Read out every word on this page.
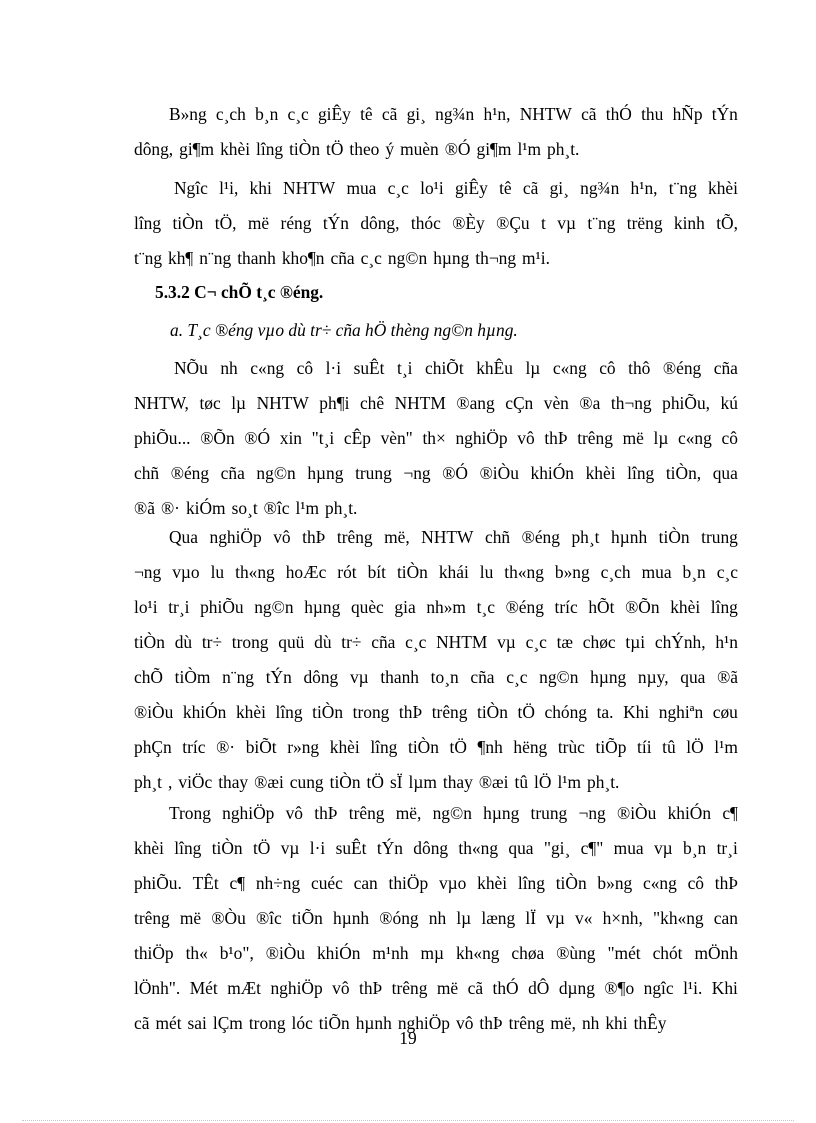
B»ng c¸ch b¸n c¸c giÊy tê cã gi¸ ng¾n h¹n, NHTW cã thÓ thu hÑp tÝn
dông, gi¶m khèi lîng tiÒn tÖ theo ý muèn ®Ó gi¶m l¹m ph¸t.
Ngîc l¹i, khi NHTW mua c¸c lo¹i giÊy tê cã gi¸ ng¾n h¹n, t¨ng khèi
lîng tiÒn tÖ, më réng tÝn dông, thóc ®Èy ®Çu t vµ t¨ng trëng kinh tÕ,
t¨ng kh¶ n¨ng thanh kho¶n cña c¸c ng©n hµng th¬ng m¹i.

5.3.2 C¬ chÕ t¸c ®éng.

a. T¸c ®éng vµo dù tr÷ cña hÖ thèng ng©n hµng.

NÕu nh c«ng cô l·i suÊt t¸i chiÕt khÊu lµ c«ng cô thô ®éng cña
NHTW, tøc lµ NHTW ph¶i chê NHTM ®ang cÇn vèn ®a th¬ng phiÕu, kú
phiÕu... ®Õn ®Ó xin "t¸i cÊp vèn" th× nghiÖp vô thÞ trêng më lµ c«ng cô
chñ ®éng cña ng©n hµng trung ¬ng ®Ó ®iÒu khiÓn khèi lîng tiÒn, qua
®ã ®· kiÓm so¸t ®îc l¹m ph¸t.
Qua nghiÖp vô thÞ trêng më, NHTW chñ ®éng ph¸t hµnh tiÒn trung
¬ng vµo lu th«ng hoÆc rót bít tiÒn khái lu th«ng b»ng c¸ch mua b¸n c¸c
lo¹i tr¸i phiÕu ng©n hµng quèc gia nh»m t¸c ®éng tríc hÕt ®Õn khèi lîng
tiÒn dù tr÷ trong quü dù tr÷ cña c¸c NHTM vµ c¸c tæ chøc tµi chÝnh, h¹n
chÕ tiÒm n¨ng tÝn dông vµ thanh to¸n cña c¸c ng©n hµng nµy, qua ®ã
®iÒu khiÓn khèi lîng tiÒn trong thÞ trêng tiÒn tÖ chóng ta. Khi nghiªn cøu
phÇn tríc ®· biÕt r»ng khèi lîng tiÒn tÖ ¶nh hëng trùc tiÕp tíi tû lÖ l¹m
ph¸t , viÖc thay ®æi cung tiÒn tÖ sÏ lµm thay ®æi tû lÖ l¹m ph¸t.
Trong nghiÖp vô thÞ trêng më, ng©n hµng trung ¬ng ®iÒu khiÓn c¶
khèi lîng tiÒn tÖ vµ l·i suÊt tÝn dông th«ng qua "gi¸ c¶" mua vµ b¸n tr¸i
phiÕu. TÊt c¶ nh÷ng cuéc can thiÖp vµo khèi lîng tiÒn b»ng c«ng cô thÞ
trêng më ®Òu ®îc tiÕn hµnh ®óng nh lµ læng lÏ vµ v« h×nh, "kh«ng can
thiÖp th« b¹o", ®iÒu khiÓn m¹nh mµ kh«ng chøa ®ùng "mét chót mÖnh
lÖnh". Mét mÆt nghiÖp vô thÞ trêng më cã thÓ dÔ dµng ®¶o ngîc l¹i. Khi
cã mét sai lÇm trong lóc tiÕn hµnh nghiÖp vô thÞ trêng më, nh khi thÊy
19
